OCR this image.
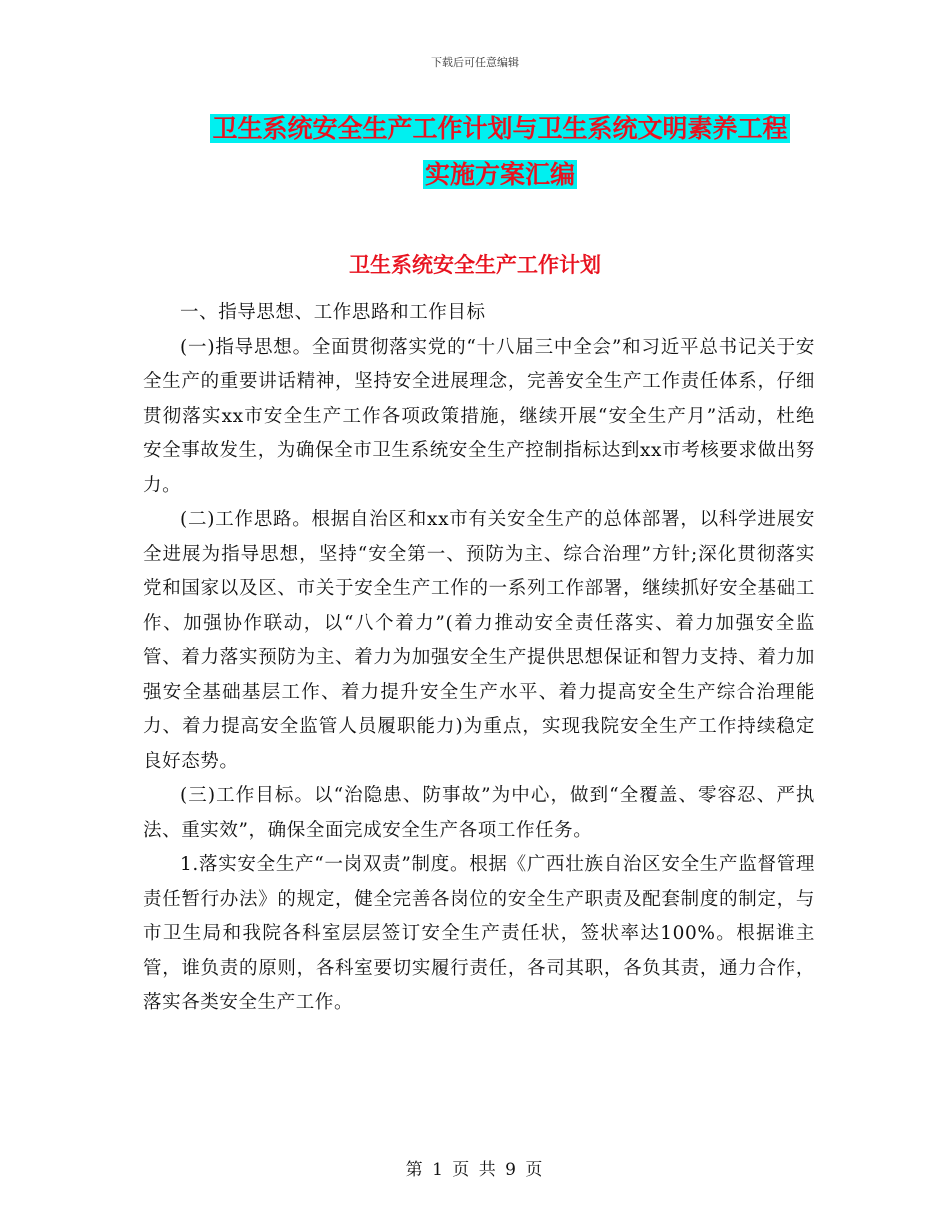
下载后可任意编辑
卫生系统安全生产工作计划与卫生系统文明素养工程
实施方案汇编
卫生系统安全生产工作计划

一、指导思想、工作思路和工作目标

(一)指导思想。全面贯彻落实党的“十八届三中全会”和习近平总书记关于安全生产的重要讲话精神，坚持安全进展理念，完善安全生产工作责任体系，仔细贯彻落实xx市安全生产工作各项政策措施，继续开展“安全生产月”活动，杜绝安全事故发生，为确保全市卫生系统安全生产控制指标达到xx市考核要求做出努力。

(二)工作思路。根据自治区和xx市有关安全生产的总体部署，以科学进展安全进展为指导思想，坚持“安全第一、预防为主、综合治理”方针;深化贯彻落实党和国家以及区、市关于安全生产工作的一系列工作部署，继续抓好安全基础工作、加强协作联动，以“八个着力”(着力推动安全责任落实、着力加强安全监管、着力落实预防为主、着力为加强安全生产提供思想保证和智力支持、着力加强安全基础基层工作、着力提升安全生产水平、着力提高安全生产综合治理能力、着力提高安全监管人员履职能力)为重点，实现我院安全生产工作持续稳定良好态势。

(三)工作目标。以“治隐患、防事故”为中心，做到“全覆盖、零容忍、严执法、重实效”，确保全面完成安全生产各项工作任务。

1.落实安全生产“一岗双责”制度。根据《广西壮族自治区安全生产监督管理责任暂行办法》的规定，健全完善各岗位的安全生产职责及配套制度的制定，与市卫生局和我院各科室层层签订安全生产责任状，签状率达100%。根据谁主管，谁负责的原则，各科室要切实履行责任，各司其职，各负其责，通力合作，落实各类安全生产工作。

第 1 页 共 9 页
